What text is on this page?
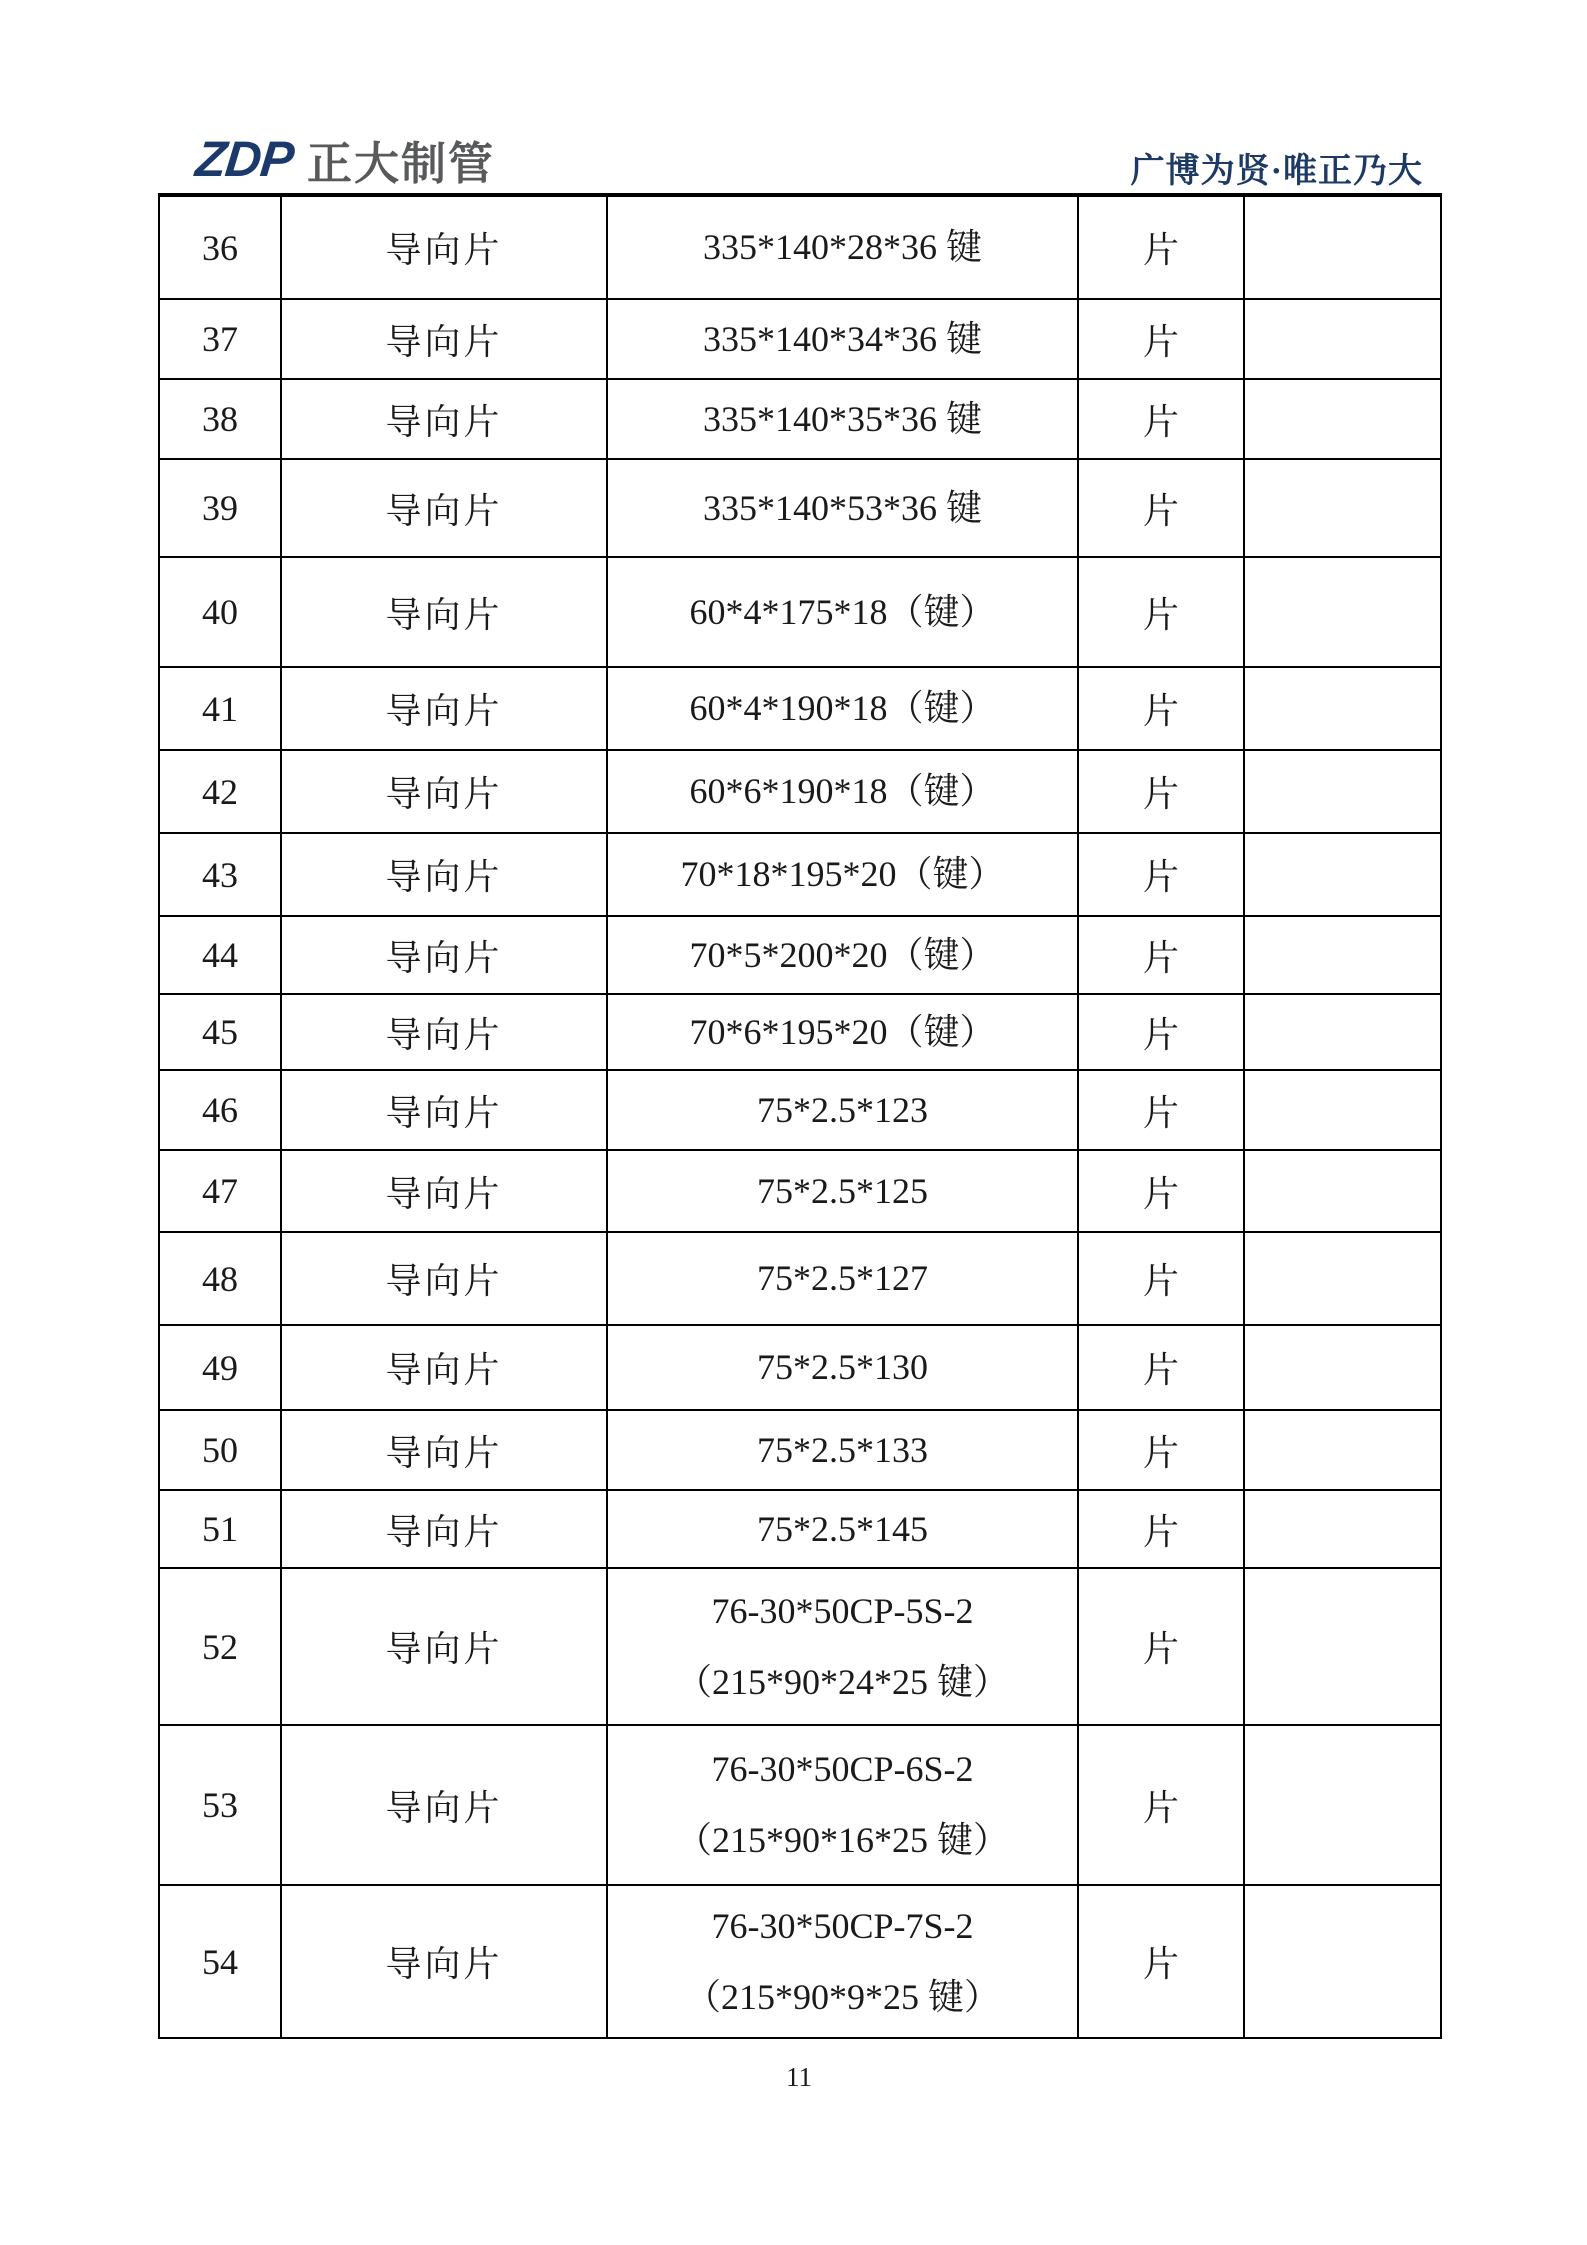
ZDP 正大制管	广博为贤·唯正乃大
36	导向片	335*140*28*36 键	片	
37	导向片	335*140*34*36 键	片	
38	导向片	335*140*35*36 键	片	
39	导向片	335*140*53*36 键	片	
40	导向片	60*4*175*18（键）	片	
41	导向片	60*4*190*18（键）	片	
42	导向片	60*6*190*18（键）	片	
43	导向片	70*18*195*20（键）	片	
44	导向片	70*5*200*20（键）	片	
45	导向片	70*6*195*20（键）	片	
46	导向片	75*2.5*123	片	
47	导向片	75*2.5*125	片	
48	导向片	75*2.5*127	片	
49	导向片	75*2.5*130	片	
50	导向片	75*2.5*133	片	
51	导向片	75*2.5*145	片	
52	导向片	76-30*50CP-5S-2
（215*90*24*25 键）	片	
53	导向片	76-30*50CP-6S-2
（215*90*16*25 键）	片	
54	导向片	76-30*50CP-7S-2
（215*90*9*25 键）	片	
11
